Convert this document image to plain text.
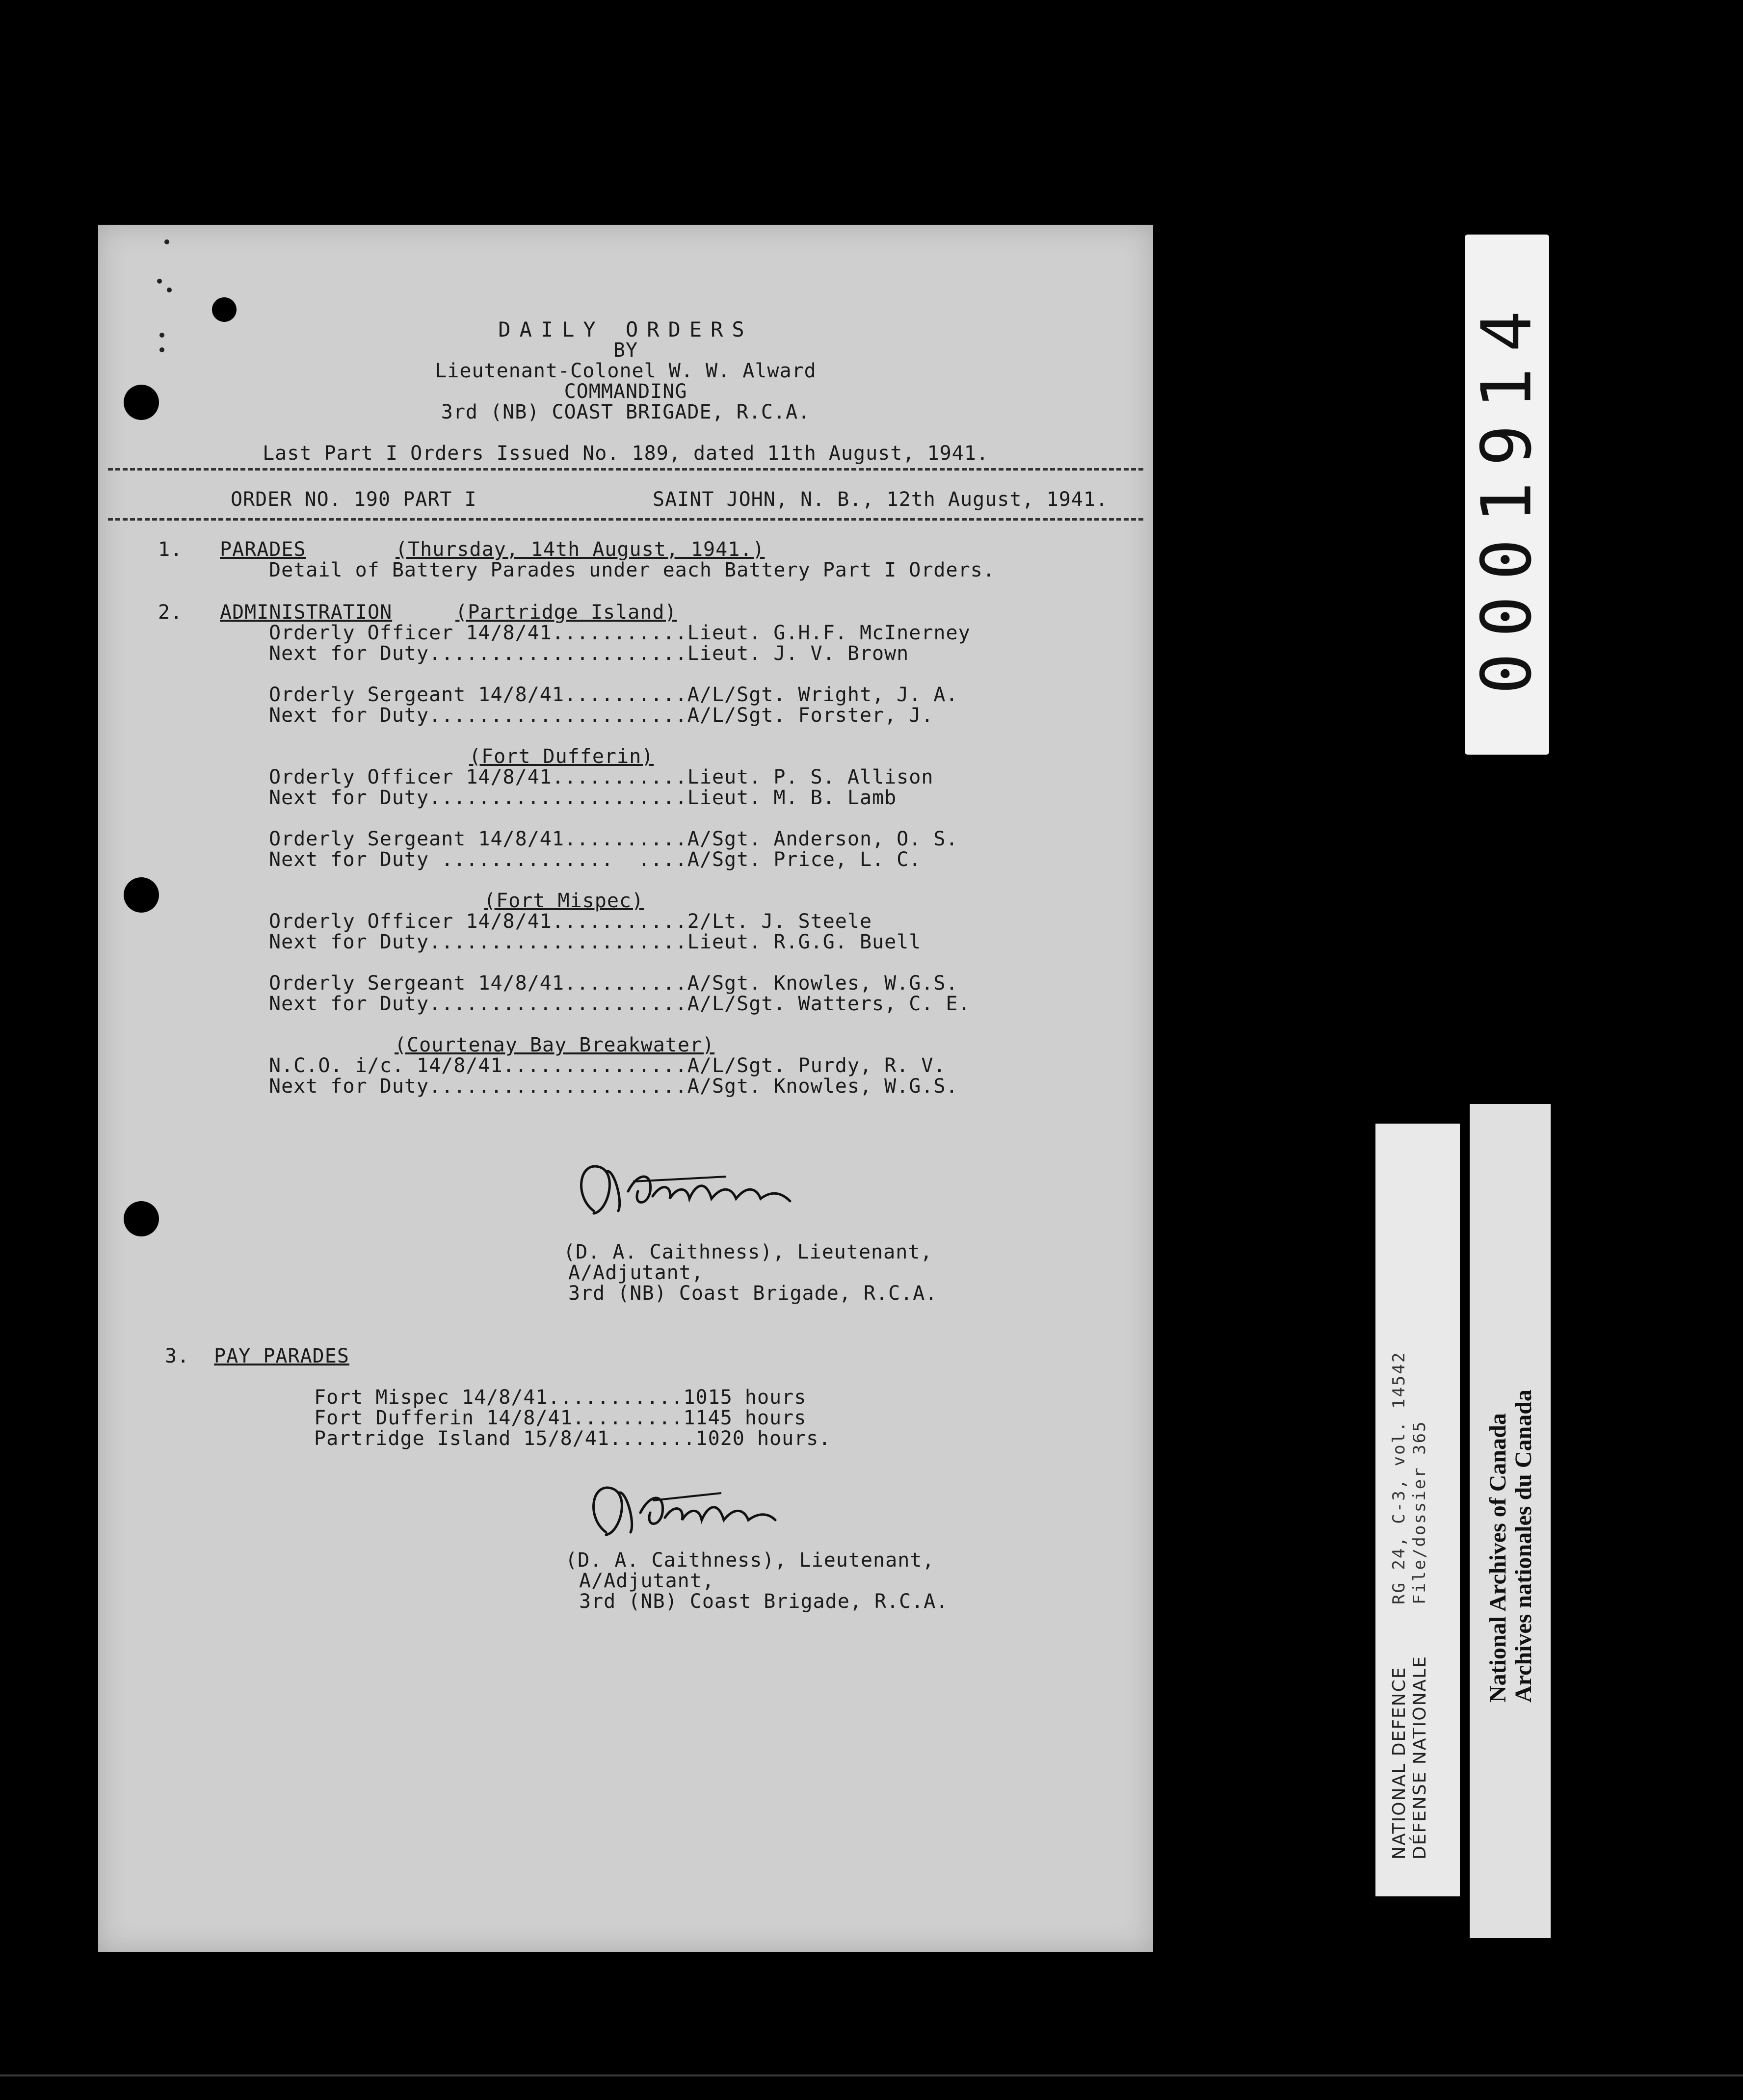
DAILY ORDERS
BY
Lieutenant-Colonel W. W. Alward
COMMANDING
3rd (NB) COAST BRIGADE, R.C.A.
Last Part I Orders Issued No. 189, dated 11th August, 1941.
ORDER NO. 190 PART I	SAINT JOHN, N. B., 12th August, 1941.
1. PARADES	(Thursday, 14th August, 1941.)
Detail of Battery Parades under each Battery Part I Orders.
2. ADMINISTRATION	(Partridge Island)
Orderly Officer 14/8/41...........Lieut. G.H.F. McInerney
Next for Duty.....................Lieut. J. V. Brown
Orderly Sergeant 14/8/41..........A/L/Sgt. Wright, J. A.
Next for Duty.....................A/L/Sgt. Forster, J.
(Fort Dufferin)
Orderly Officer 14/8/41...........Lieut. P. S. Allison
Next for Duty.....................Lieut. M. B. Lamb
Orderly Sergeant 14/8/41..........A/Sgt. Anderson, O. S.
Next for Duty ..............  ....A/Sgt. Price, L. C.
(Fort Mispec)
Orderly Officer 14/8/41...........2/Lt. J. Steele
Next for Duty.....................Lieut. R.G.G. Buell
Orderly Sergeant 14/8/41..........A/Sgt. Knowles, W.G.S.
Next for Duty.....................A/L/Sgt. Watters, C. E.
(Courtenay Bay Breakwater)
N.C.O. i/c. 14/8/41...............A/L/Sgt. Purdy, R. V.
Next for Duty.....................A/Sgt. Knowles, W.G.S.
(D. A. Caithness), Lieutenant,
A/Adjutant,
3rd (NB) Coast Brigade, R.C.A.
3. PAY PARADES
Fort Mispec 14/8/41...........1015 hours
Fort Dufferin 14/8/41.........1145 hours
Partridge Island 15/8/41.......1020 hours.
(D. A. Caithness), Lieutenant,
A/Adjutant,
3rd (NB) Coast Brigade, R.C.A.
0001914
RG 24, C-3, vol. 14542 File/dossier 365
NATIONAL DEFENCE DÉFENSE NATIONALE
National Archives of Canada Archives nationales du Canada
